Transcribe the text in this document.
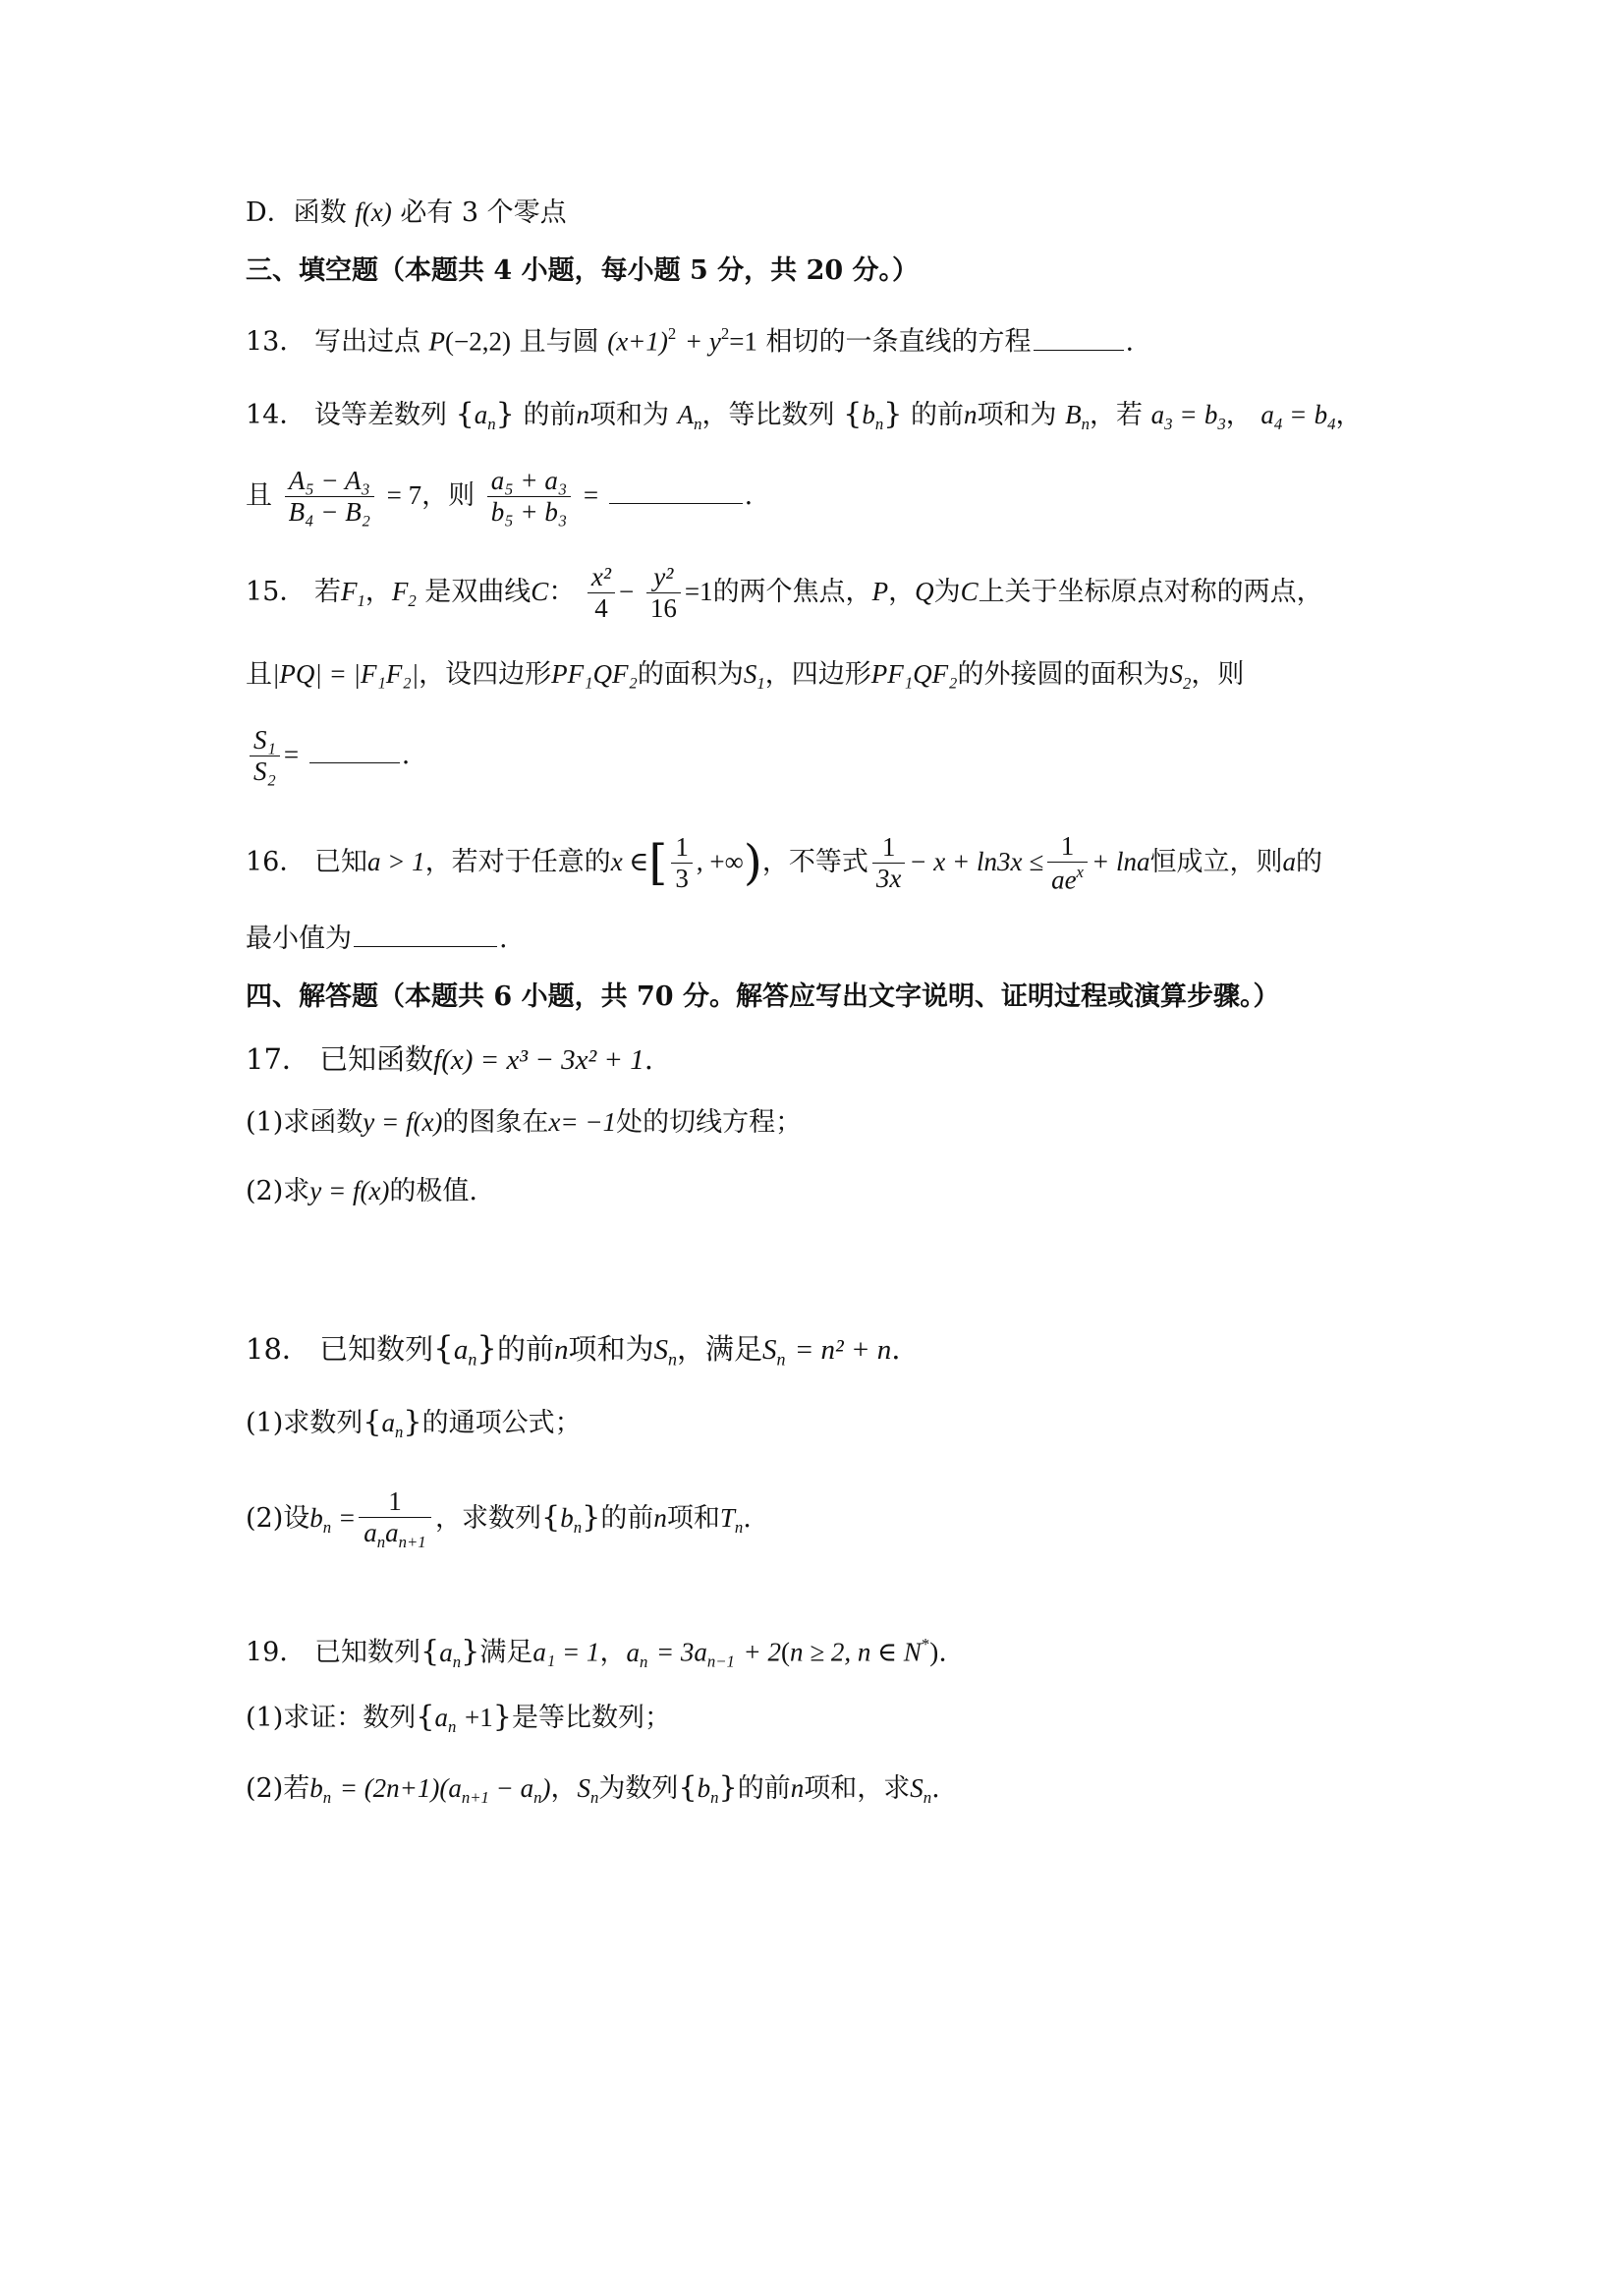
D．函数 f(x) 必有 3 个零点
三、填空题（本题共 4 小题，每小题 5 分，共 20 分。）
13． 写出过点 P(−2,2) 且与圆 $(x+1)^2 + y^2=1$ 相切的一条直线的方程	.
14． 设等差数列 $\{a_n\}$ 的前n项和为 $A_n$，等比数列 $\{b_n\}$ 的前n项和为 $B_n$，若 $a_3 = b_3$， $a_4 = b_4$，
且 $\frac{\text{A₅ − A₃}}{\text{B₄ − B₂}} = 7$，则 $\frac{\text{a₅ + a₃}}{\text{b₅ + b₃}}$ =	.
15． 若$F_1$，$F_2$ 是双曲线C： $\frac{\text{x²}}{4} - \frac{\text{y²}}{16} =1$的两个焦点，P，Q为C上关于坐标原点对称的两点，
且|PQ| = |F₁F₂|，设四边形PF₁QF₂的面积为$S_1$，四边形PF₁QF₂的外接圆的面积为$S_2$，则
$\frac{\text{S₁}}{\text{S₂}}$ =	.
16． 已知a > 1，若对于任意的x ∈[ $\frac{1}{3}$ , +∞)，不等式 $\frac{1}{3x} - x + \ln 3x \le \frac{1}{ae^x} + \ln a$恒成立，则a的
最小值为	.
四、解答题（本题共 6 小题，共 70 分。解答应写出文字说明、证明过程或演算步骤。）
17． 已知函数f(x) = x³ − 3x² + 1.
(1)求函数y = f(x)的图象在x= −1处的切线方程；
(2)求y = f(x)的极值.
18． 已知数列$\{a_n\}$的前n项和为$S_n$，满足$S_n = n^2 + n$.
(1)求数列$\{a_n\}$的通项公式；
(2)设$b_n = \frac{1}{a_na_{n+1}}$ ，求数列$\{b_n\}$的前n项和$T_n$.
19． 已知数列$\{a_n\}$满足a₁ = 1，$a_n = 3a_{n-1} + 2(n \ge 2$, n ∈ N*).
(1)求证：数列$\{a_n +1\}$是等比数列；
(2)若$b_n = (2n+1)(a_{n+1} - a_n)$，$S_n$为数列$\{b_n\}$的前n项和，求$S_n$.
